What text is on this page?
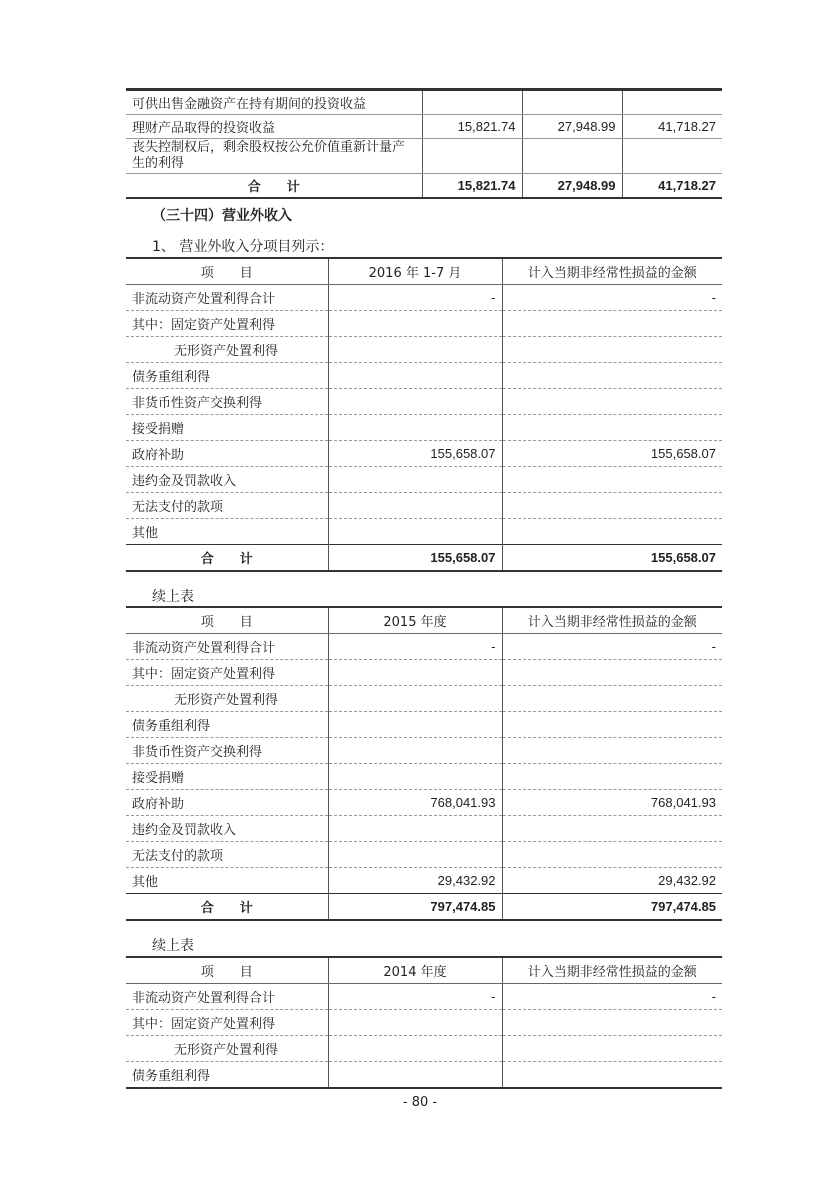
可供出售金融资产在持有期间的投资收益			
理财产品取得的投资收益	15,821.74	27,948.99	41,718.27
丧失控制权后，剩余股权按公允价值重新计量产生的利得			
合　　计	15,821.74	27,948.99	41,718.27
（三十四）营业外收入
1、 营业外收入分项目列示：
项　　目	2016 年 1-7 月	计入当期非经常性损益的金额
非流动资产处置利得合计	-	-
其中：固定资产处置利得		
无形资产处置利得		
债务重组利得		
非货币性资产交换利得		
接受捐赠		
政府补助	155,658.07	155,658.07
违约金及罚款收入		
无法支付的款项		
其他		
合　　计	155,658.07	155,658.07
续上表
项　　目	2015 年度	计入当期非经常性损益的金额
非流动资产处置利得合计	-	-
其中：固定资产处置利得		
无形资产处置利得		
债务重组利得		
非货币性资产交换利得		
接受捐赠		
政府补助	768,041.93	768,041.93
违约金及罚款收入		
无法支付的款项		
其他	29,432.92	29,432.92
合　　计	797,474.85	797,474.85
续上表
项　　目	2014 年度	计入当期非经常性损益的金额
非流动资产处置利得合计	-	-
其中：固定资产处置利得		
无形资产处置利得		
债务重组利得		
- 80 -
